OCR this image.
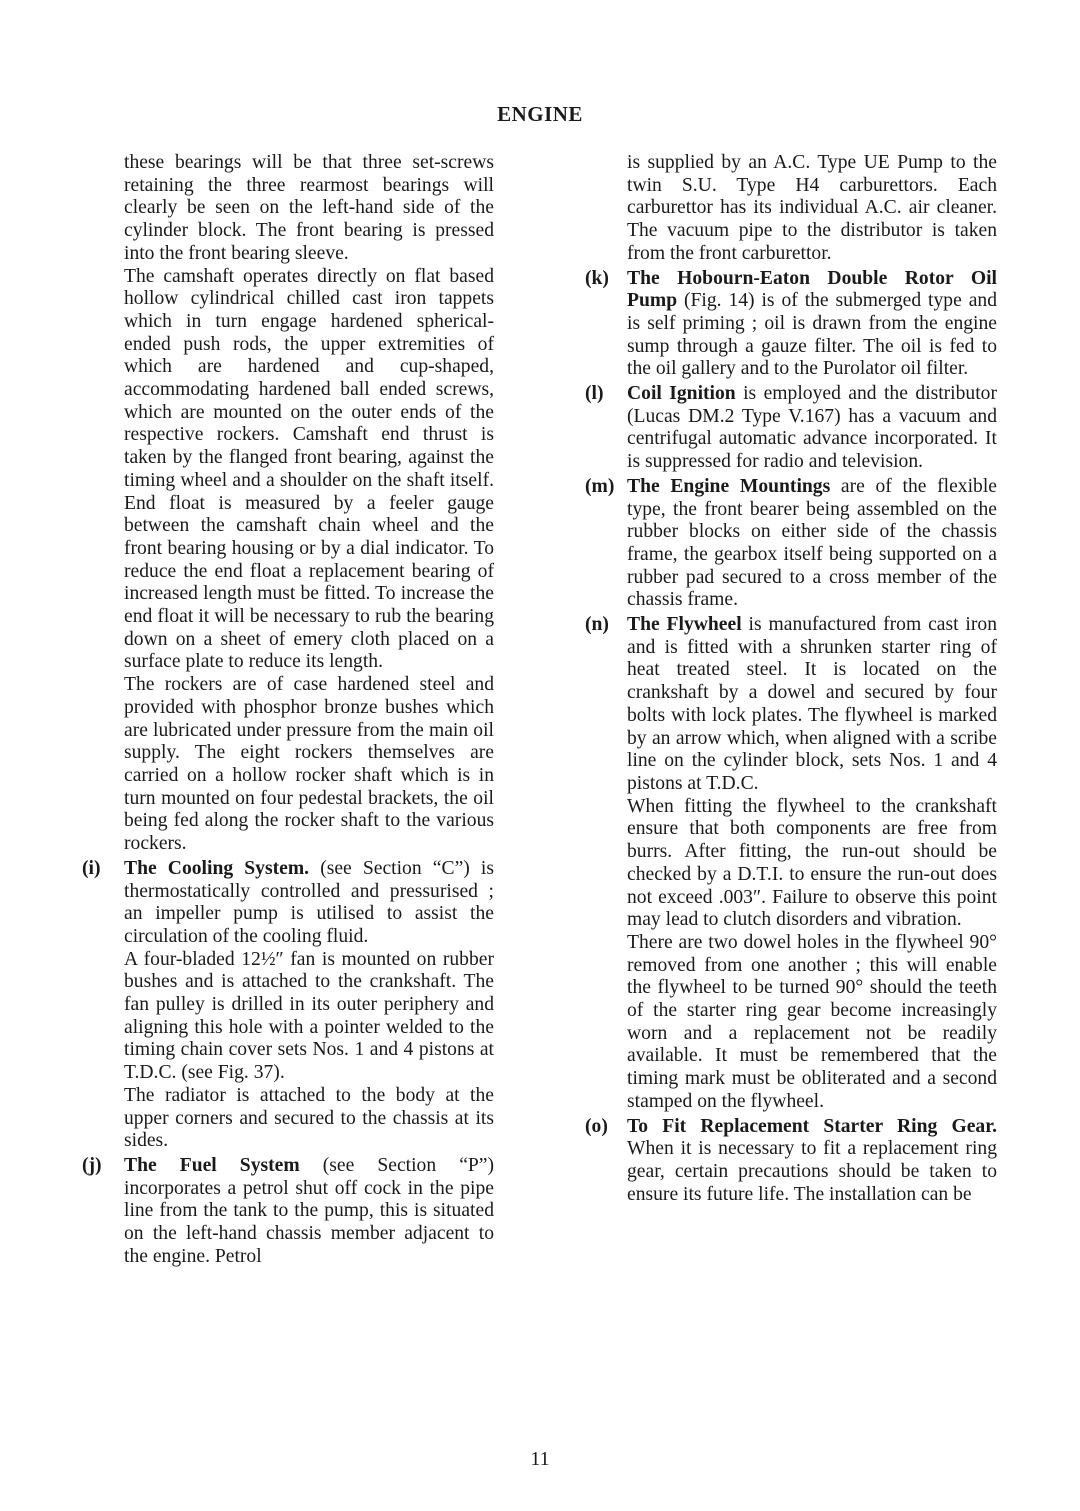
ENGINE

these bearings will be that three set-screws retaining the three rearmost bearings will clearly be seen on the left-hand side of the cylinder block. The front bearing is pressed into the front bearing sleeve.

The camshaft operates directly on flat based hollow cylindrical chilled cast iron tappets which in turn engage hardened spherical-ended push rods, the upper extremities of which are hardened and cup-shaped, accommodating hardened ball ended screws, which are mounted on the outer ends of the respective rockers. Camshaft end thrust is taken by the flanged front bearing, against the timing wheel and a shoulder on the shaft itself. End float is measured by a feeler gauge between the camshaft chain wheel and the front bearing housing or by a dial indicator. To reduce the end float a replacement bearing of increased length must be fitted. To increase the end float it will be necessary to rub the bearing down on a sheet of emery cloth placed on a surface plate to reduce its length.

The rockers are of case hardened steel and provided with phosphor bronze bushes which are lubricated under pressure from the main oil supply. The eight rockers themselves are carried on a hollow rocker shaft which is in turn mounted on four pedestal brackets, the oil being fed along the rocker shaft to the various rockers.

(i) The Cooling System. (see Section “C”) is thermostatically controlled and pressurised ; an impeller pump is utilised to assist the circulation of the cooling fluid.
A four-bladed 12½″ fan is mounted on rubber bushes and is attached to the crankshaft. The fan pulley is drilled in its outer periphery and aligning this hole with a pointer welded to the timing chain cover sets Nos. 1 and 4 pistons at T.D.C. (see Fig. 37).
The radiator is attached to the body at the upper corners and secured to the chassis at its sides.
(j) The Fuel System (see Section “P”) incorporates a petrol shut off cock in the pipe line from the tank to the pump, this is situated on the left-hand chassis member adjacent to the engine. Petrol

is supplied by an A.C. Type UE Pump to the twin S.U. Type H4 carburettors. Each carburettor has its individual A.C. air cleaner. The vacuum pipe to the distributor is taken from the front carburettor.

(k) The Hobourn-Eaton Double Rotor Oil Pump (Fig. 14) is of the submerged type and is self priming ; oil is drawn from the engine sump through a gauze filter. The oil is fed to the oil gallery and to the Purolator oil filter.
(l) Coil Ignition is employed and the distributor (Lucas DM.2 Type V.167) has a vacuum and centrifugal automatic advance incorporated. It is suppressed for radio and television.
(m) The Engine Mountings are of the flexible type, the front bearer being assembled on the rubber blocks on either side of the chassis frame, the gearbox itself being supported on a rubber pad secured to a cross member of the chassis frame.
(n) The Flywheel is manufactured from cast iron and is fitted with a shrunken starter ring of heat treated steel. It is located on the crankshaft by a dowel and secured by four bolts with lock plates. The flywheel is marked by an arrow which, when aligned with a scribe line on the cylinder block, sets Nos. 1 and 4 pistons at T.D.C.
When fitting the flywheel to the crankshaft ensure that both components are free from burrs. After fitting, the run-out should be checked by a D.T.I. to ensure the run-out does not exceed .003″. Failure to observe this point may lead to clutch disorders and vibration.
There are two dowel holes in the flywheel 90° removed from one another ; this will enable the flywheel to be turned 90° should the teeth of the starter ring gear become increasingly worn and a replacement not be readily available. It must be remembered that the timing mark must be obliterated and a second stamped on the flywheel.
(o) To Fit Replacement Starter Ring Gear. When it is necessary to fit a replacement ring gear, certain precautions should be taken to ensure its future life. The installation can be
11
